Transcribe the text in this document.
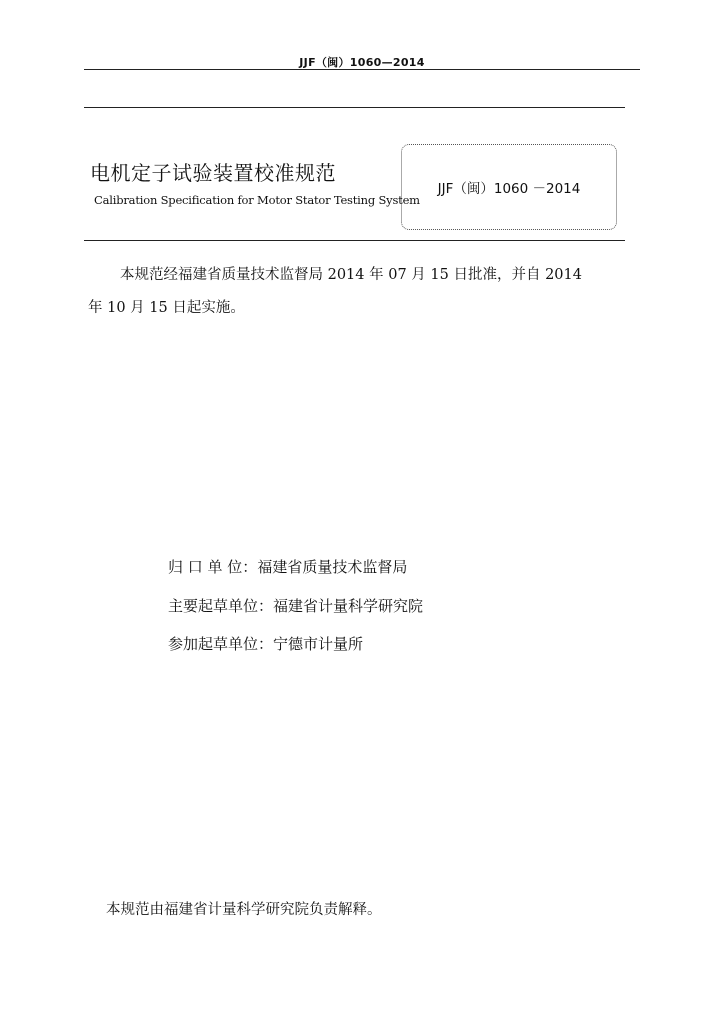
JJF（闽）1060—2014
电机定子试验装置校准规范
Calibration Specification for Motor Stator Testing System
JJF（闽）1060 －2014
本规范经福建省质量技术监督局 2014 年 07 月 15 日批准，并自 2014
年 10 月 15 日起实施。
归 口 单 位：福建省质量技术监督局
主要起草单位：福建省计量科学研究院
参加起草单位：宁德市计量所
本规范由福建省计量科学研究院负责解释。
